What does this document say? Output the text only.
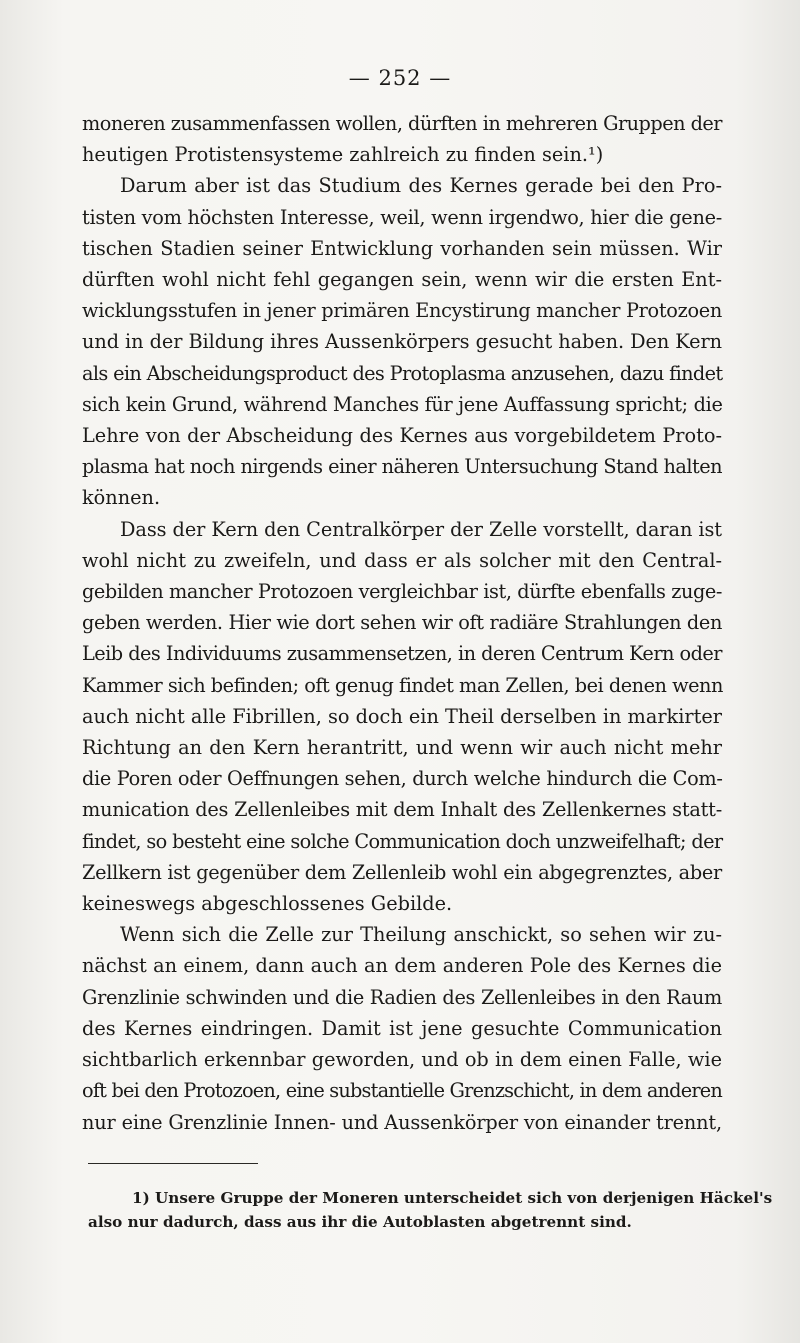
— 252 —

moneren zusammenfassen wollen, dürften in mehreren Gruppen der
heutigen Protistensysteme zahlreich zu finden sein.¹)

Darum aber ist das Studium des Kernes gerade bei den Pro-
tisten vom höchsten Interesse, weil, wenn irgendwo, hier die gene-
tischen Stadien seiner Entwicklung vorhanden sein müssen. Wir
dürften wohl nicht fehl gegangen sein, wenn wir die ersten Ent-
wicklungsstufen in jener primären Encystirung mancher Protozoen
und in der Bildung ihres Aussenkörpers gesucht haben. Den Kern
als ein Abscheidungsproduct des Protoplasma anzusehen, dazu findet
sich kein Grund, während Manches für jene Auffassung spricht; die
Lehre von der Abscheidung des Kernes aus vorgebildetem Proto-
plasma hat noch nirgends einer näheren Untersuchung Stand halten
können.

Dass der Kern den Centralkörper der Zelle vorstellt, daran ist
wohl nicht zu zweifeln, und dass er als solcher mit den Central-
gebilden mancher Protozoen vergleichbar ist, dürfte ebenfalls zuge-
geben werden. Hier wie dort sehen wir oft radiäre Strahlungen den
Leib des Individuums zusammensetzen, in deren Centrum Kern oder
Kammer sich befinden; oft genug findet man Zellen, bei denen wenn
auch nicht alle Fibrillen, so doch ein Theil derselben in markirter
Richtung an den Kern herantritt, und wenn wir auch nicht mehr
die Poren oder Oeffnungen sehen, durch welche hindurch die Com-
munication des Zellenleibes mit dem Inhalt des Zellenkernes statt-
findet, so besteht eine solche Communication doch unzweifelhaft; der
Zellkern ist gegenüber dem Zellenleib wohl ein abgegrenztes, aber
keineswegs abgeschlossenes Gebilde.

Wenn sich die Zelle zur Theilung anschickt, so sehen wir zu-
nächst an einem, dann auch an dem anderen Pole des Kernes die
Grenzlinie schwinden und die Radien des Zellenleibes in den Raum
des Kernes eindringen. Damit ist jene gesuchte Communication
sichtbarlich erkennbar geworden, und ob in dem einen Falle, wie
oft bei den Protozoen, eine substantielle Grenzschicht, in dem anderen
nur eine Grenzlinie Innen- und Aussenkörper von einander trennt,

1) Unsere Gruppe der Moneren unterscheidet sich von derjenigen Häckel's
also nur dadurch, dass aus ihr die Autoblasten abgetrennt sind.
